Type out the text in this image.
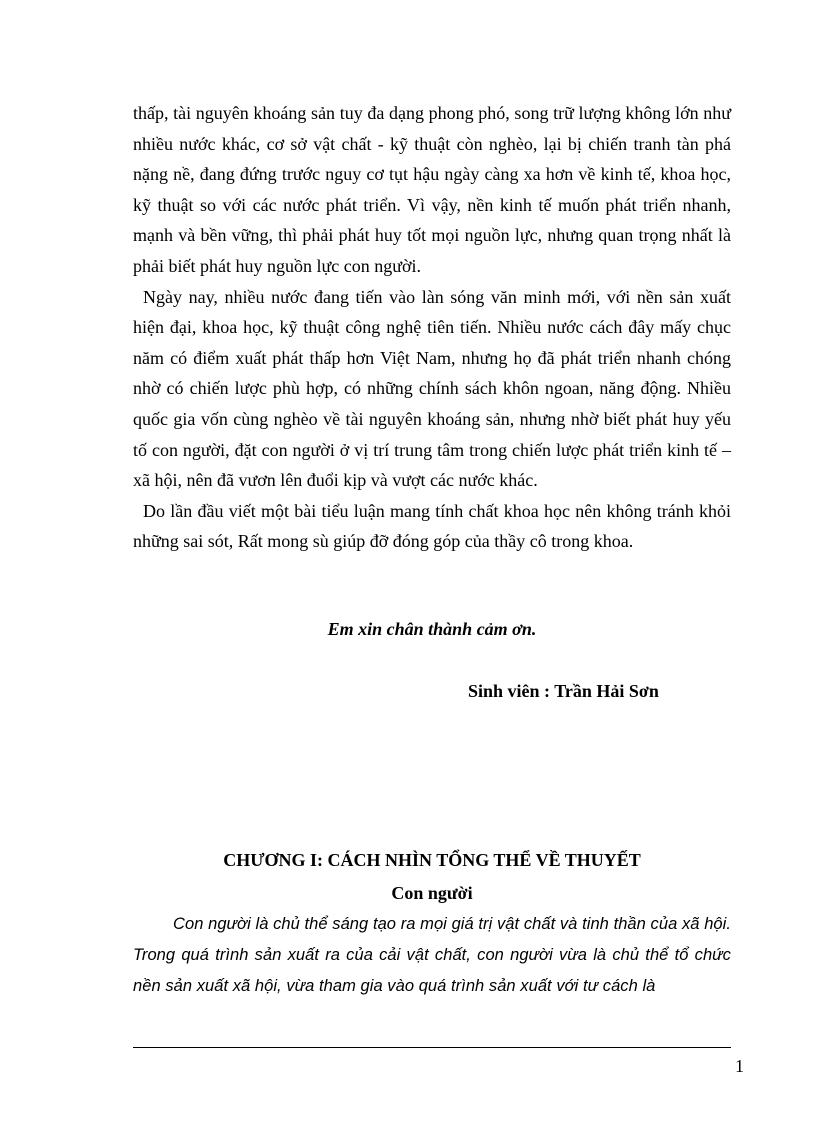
thấp, tài nguyên khoáng sản tuy đa dạng phong phó, song trữ lượng không lớn như nhiều nước khác, cơ sở vật chất - kỹ thuật còn nghèo, lại bị chiến tranh tàn phá nặng nề, đang đứng trước nguy cơ tụt hậu ngày càng xa hơn về kinh tế, khoa học, kỹ thuật so với các nước phát triển. Vì vậy, nền kinh tế muốn phát triển nhanh, mạnh và bền vững, thì phải phát huy tốt mọi nguồn lực, nhưng quan trọng nhất là phải biết phát huy nguồn lực con người.

Ngày nay, nhiều nước đang tiến vào làn sóng văn minh mới, với nền sản xuất hiện đại, khoa học, kỹ thuật công nghệ tiên tiến. Nhiều nước cách đây mấy chục năm có điểm xuất phát thấp hơn Việt Nam, nhưng họ đã phát triển nhanh chóng nhờ có chiến lược phù hợp, có những chính sách khôn ngoan, năng động. Nhiều quốc gia vốn cùng nghèo về tài nguyên khoáng sản, nhưng nhờ biết phát huy yếu tố con người, đặt con người ở vị trí trung tâm trong chiến lược phát triển kinh tế – xã hội, nên đã vươn lên đuổi kịp và vượt các nước khác.

Do lần đầu viết một bài tiểu luận mang tính chất khoa học nên không tránh khỏi những sai sót, Rất mong sù giúp đỡ đóng góp của thầy cô trong khoa.

Em xin chân thành cảm ơn.

Sinh viên : Trần Hải Sơn

CHƯƠNG I: CÁCH NHÌN TỔNG THỂ VỀ THUYẾT
Con người

Con người là chủ thể sáng tạo ra mọi giá trị vật chất và tinh thần của xã hội. Trong quá trình sản xuất ra của cải vật chất, con người vừa là chủ thể tổ chức nền sản xuất xã hội, vừa tham gia vào quá trình sản xuất với tư cách là

1
